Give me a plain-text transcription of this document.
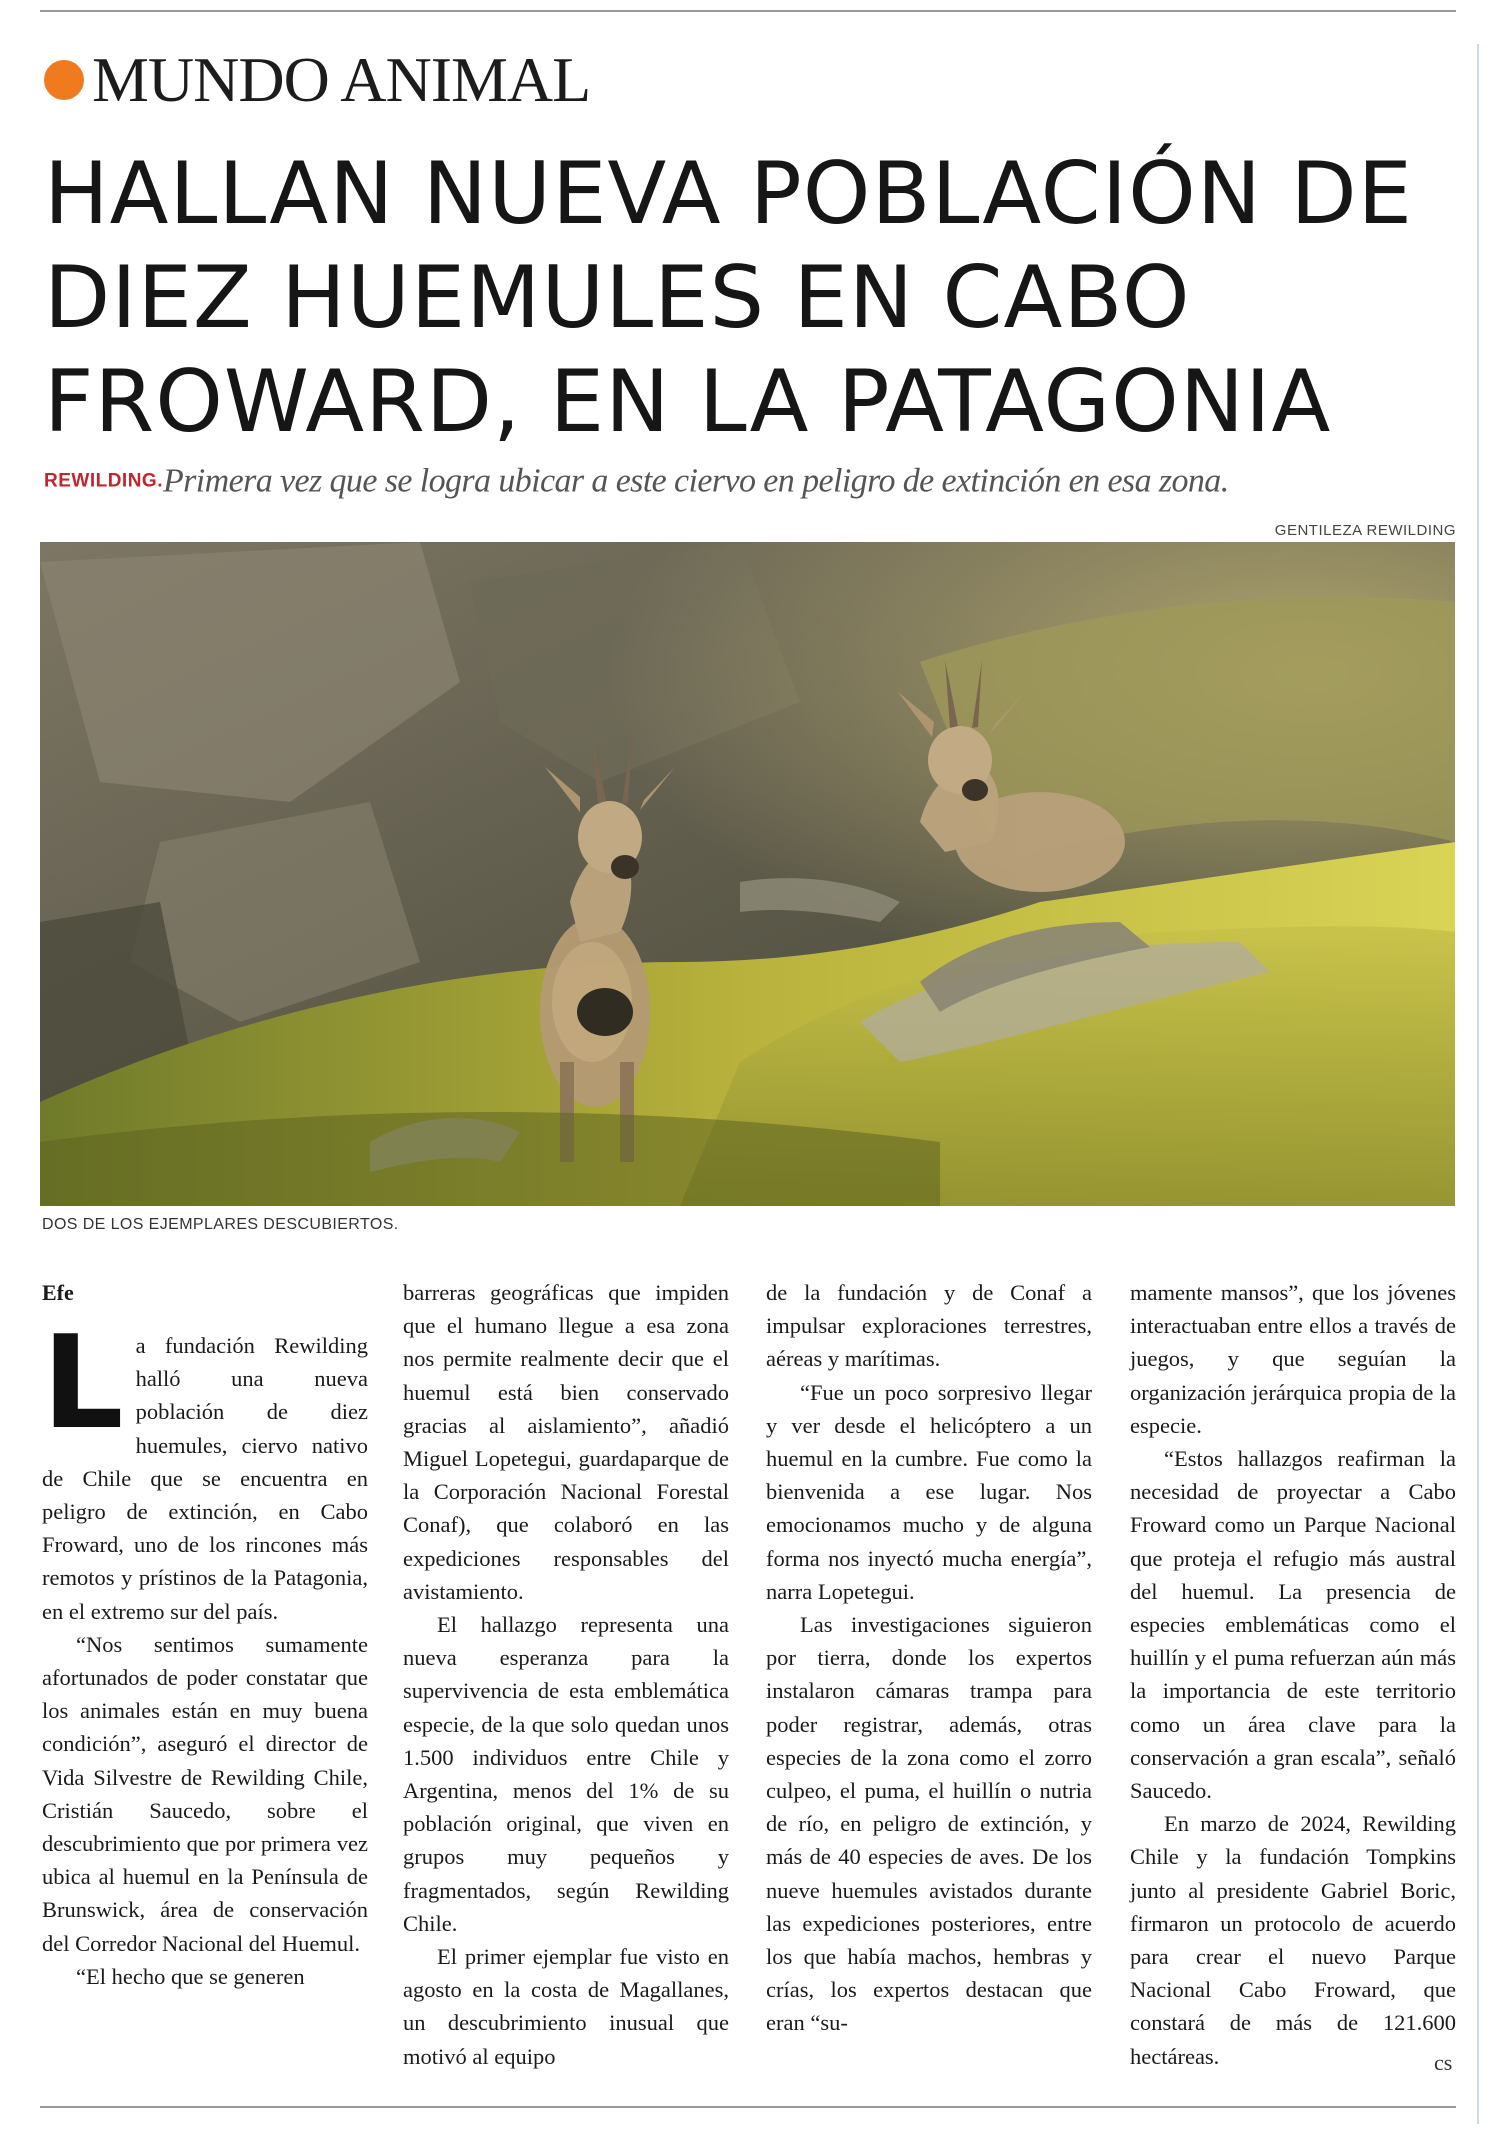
MUNDO ANIMAL
HALLAN NUEVA POBLACIÓN DE
DIEZ HUEMULES EN CABO
FROWARD, EN LA PATAGONIA
REWILDING.Primera vez que se logra ubicar a este ciervo en peligro de extinción en esa zona.
GENTILEZA REWILDING
DOS DE LOS EJEMPLARES DESCUBIERTOS.

Efe

La fundación Rewilding halló una nueva población de diez huemules, ciervo nativo de Chile que se encuentra en peligro de extinción, en Cabo Froward, uno de los rincones más remotos y prístinos de la Patagonia, en el extremo sur del país.

“Nos sentimos sumamente afortunados de poder constatar que los animales están en muy buena condición”, aseguró el director de Vida Silvestre de Rewilding Chile, Cristián Saucedo, sobre el descubrimiento que por primera vez ubica al huemul en la Península de Brunswick, área de conservación del Corredor Nacional del Huemul.

“El hecho que se generen

barreras geográficas que impiden que el humano llegue a esa zona nos permite realmente decir que el huemul está bien conservado gracias al aislamiento”, añadió Miguel Lopetegui, guardaparque de la Corporación Nacional Forestal Conaf), que colaboró en las expediciones responsables del avistamiento.

El hallazgo representa una nueva esperanza para la supervivencia de esta emblemática especie, de la que solo quedan unos 1.500 individuos entre Chile y Argentina, menos del 1% de su población original, que viven en grupos muy pequeños y fragmentados, según Rewilding Chile.

El primer ejemplar fue visto en agosto en la costa de Magallanes, un descubrimiento inusual que motivó al equipo

de la fundación y de Conaf a impulsar exploraciones terrestres, aéreas y marítimas.

“Fue un poco sorpresivo llegar y ver desde el helicóptero a un huemul en la cumbre. Fue como la bienvenida a ese lugar. Nos emocionamos mucho y de alguna forma nos inyectó mucha energía”, narra Lopetegui.

Las investigaciones siguieron por tierra, donde los expertos instalaron cámaras trampa para poder registrar, además, otras especies de la zona como el zorro culpeo, el puma, el huillín o nutria de río, en peligro de extinción, y más de 40 especies de aves. De los nueve huemules avistados durante las expediciones posteriores, entre los que había machos, hembras y crías, los expertos destacan que eran “su-

mamente mansos”, que los jóvenes interactuaban entre ellos a través de juegos, y que seguían la organización jerárquica propia de la especie.

“Estos hallazgos reafirman la necesidad de proyectar a Cabo Froward como un Parque Nacional que proteja el refugio más austral del huemul. La presencia de especies emblemáticas como el huillín y el puma refuerzan aún más la importancia de este territorio como un área clave para la conservación a gran escala”, señaló Saucedo.

En marzo de 2024, Rewilding Chile y la fundación Tompkins junto al presidente Gabriel Boric, firmaron un protocolo de acuerdo para crear el nuevo Parque Nacional Cabo Froward, que constará de más de 121.600 hectáreas.	cs
